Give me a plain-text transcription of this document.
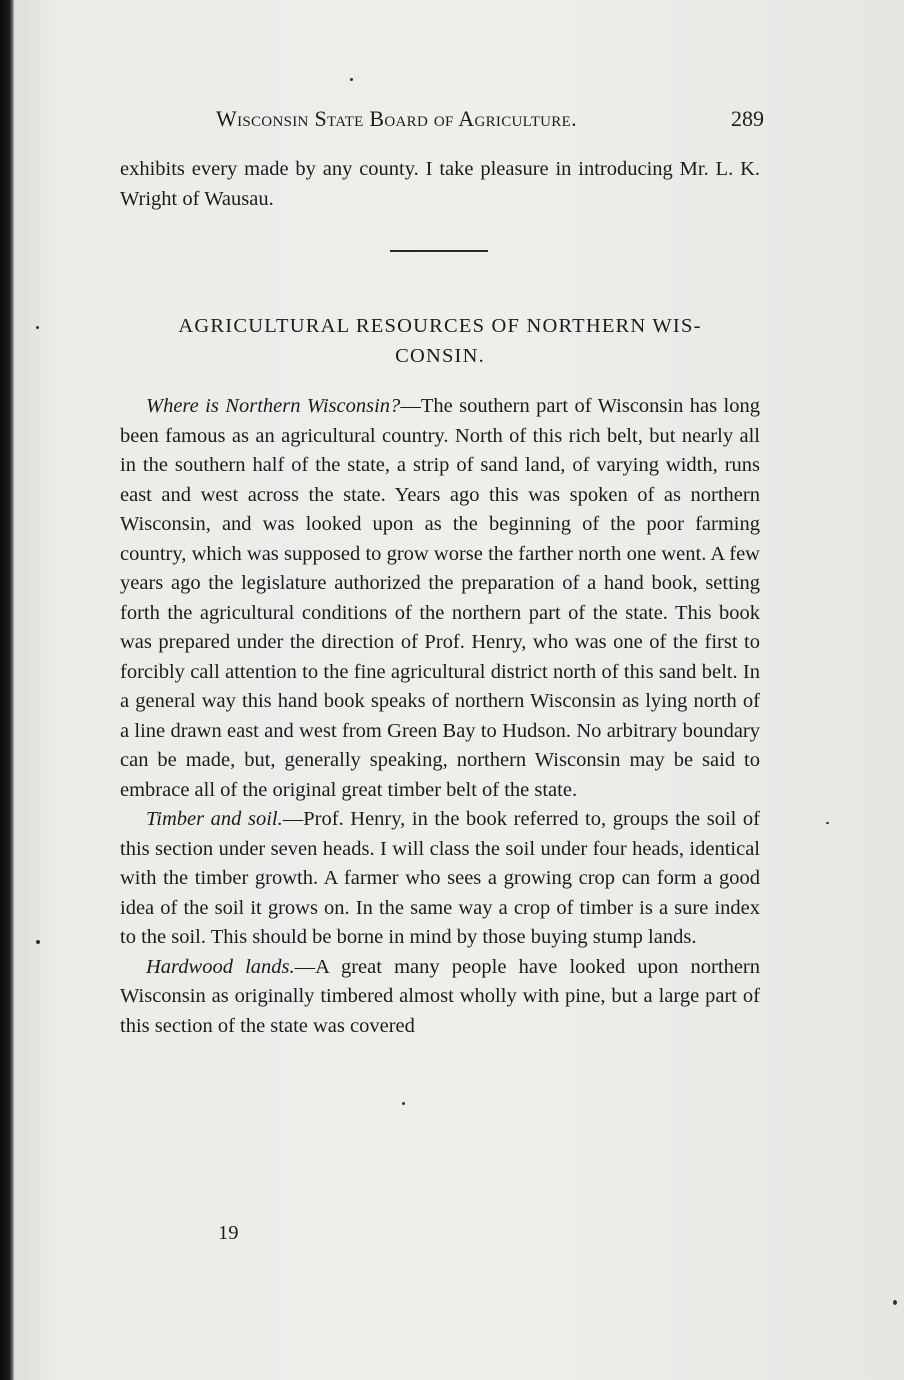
Wisconsin State Board of Agriculture.	289
exhibits every made by any county. I take pleasure in introducing Mr. L. K. Wright of Wausau.
AGRICULTURAL RESOURCES OF NORTHERN WIS-
CONSIN.

Where is Northern Wisconsin?—The southern part of Wisconsin has long been famous as an agricultural country. North of this rich belt, but nearly all in the southern half of the state, a strip of sand land, of varying width, runs east and west across the state. Years ago this was spoken of as northern Wisconsin, and was looked upon as the beginning of the poor farming country, which was supposed to grow worse the farther north one went. A few years ago the legislature authorized the preparation of a hand book, setting forth the agricultural conditions of the northern part of the state. This book was prepared under the direction of Prof. Henry, who was one of the first to forcibly call attention to the fine agricultural district north of this sand belt. In a general way this hand book speaks of northern Wisconsin as lying north of a line drawn east and west from Green Bay to Hudson. No arbitrary boundary can be made, but, generally speaking, northern Wisconsin may be said to embrace all of the original great timber belt of the state.

Timber and soil.—Prof. Henry, in the book referred to, groups the soil of this section under seven heads. I will class the soil under four heads, identical with the timber growth. A farmer who sees a growing crop can form a good idea of the soil it grows on. In the same way a crop of timber is a sure index to the soil. This should be borne in mind by those buying stump lands.

Hardwood lands.—A great many people have looked upon northern Wisconsin as originally timbered almost wholly with pine, but a large part of this section of the state was covered

19
